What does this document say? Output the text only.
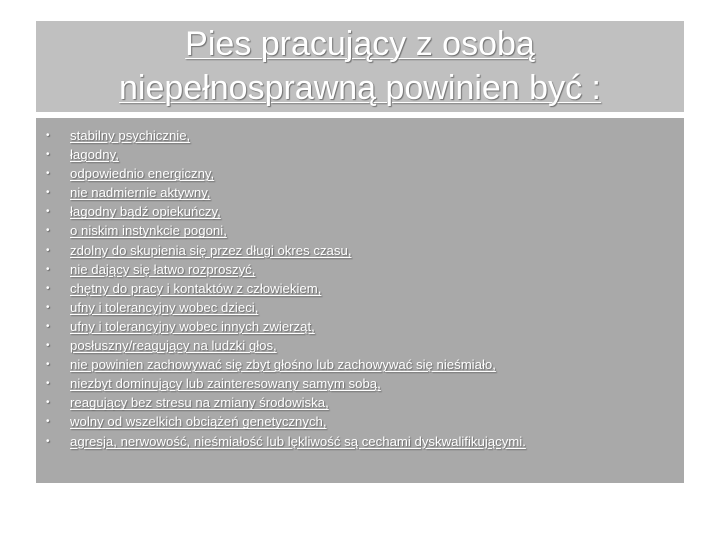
Pies pracujący z osobą
niepełnosprawną powinien być :
• stabilny psychicznie,
• łagodny,
• odpowiednio energiczny,
• nie nadmiernie aktywny,
• łagodny bądź opiekuńczy,
• o niskim instynkcie pogoni,
• zdolny do skupienia się przez długi okres czasu,
• nie dający się łatwo rozproszyć,
• chętny do pracy i kontaktów z człowiekiem,
• ufny i tolerancyjny wobec dzieci,
• ufny i tolerancyjny wobec innych zwierząt,
• posłuszny/reagujący na ludzki głos,
• nie powinien zachowywać się zbyt głośno lub zachowywać się nieśmiało,
• niezbyt dominujący lub zainteresowany samym sobą,
• reagujący bez stresu na zmiany środowiska,
• wolny od wszelkich obciążeń genetycznych,
• agresja, nerwowość, nieśmiałość lub lękliwość są cechami dyskwalifikującymi.
